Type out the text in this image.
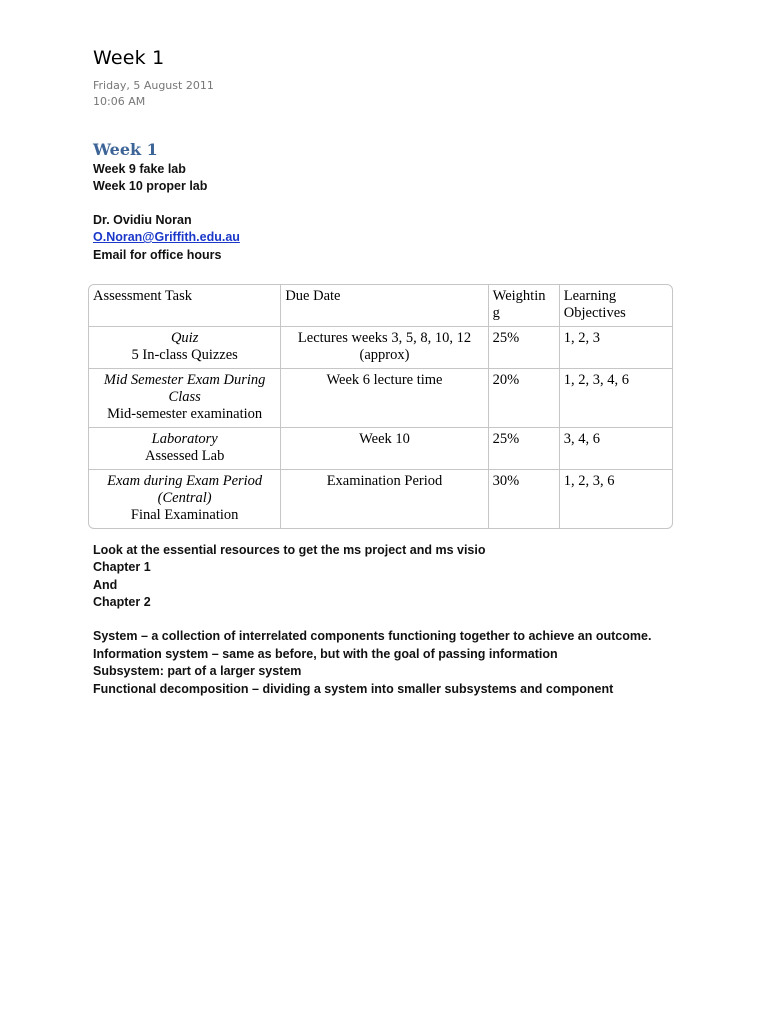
Week 1
Friday, 5 August 2011
10:06 AM
Week 1
Week 9 fake lab
Week 10 proper lab
Dr. Ovidiu Noran
O.Noran@Griffith.edu.au
Email for office hours
Assessment Task	Due Date	Weightin g	Learning Objectives

Quiz
5 In-class Quizzes	Lectures weeks 3, 5, 8, 10, 12 (approx)	25%	1, 2, 3

Mid Semester Exam During Class
Mid-semester examination	Week 6 lecture time	20%	1, 2, 3, 4, 6

Laboratory
Assessed Lab	Week 10	25%	3, 4, 6

Exam during Exam Period (Central)
Final Examination	Examination Period	30%	1, 2, 3, 6
Look at the essential resources to get the ms project and ms visio
Chapter 1
And
Chapter 2
System – a collection of interrelated components functioning together to achieve an outcome.
Information system – same as before, but with the goal of passing information
Subsystem: part of a larger system
Functional decomposition – dividing a system into smaller subsystems and component
